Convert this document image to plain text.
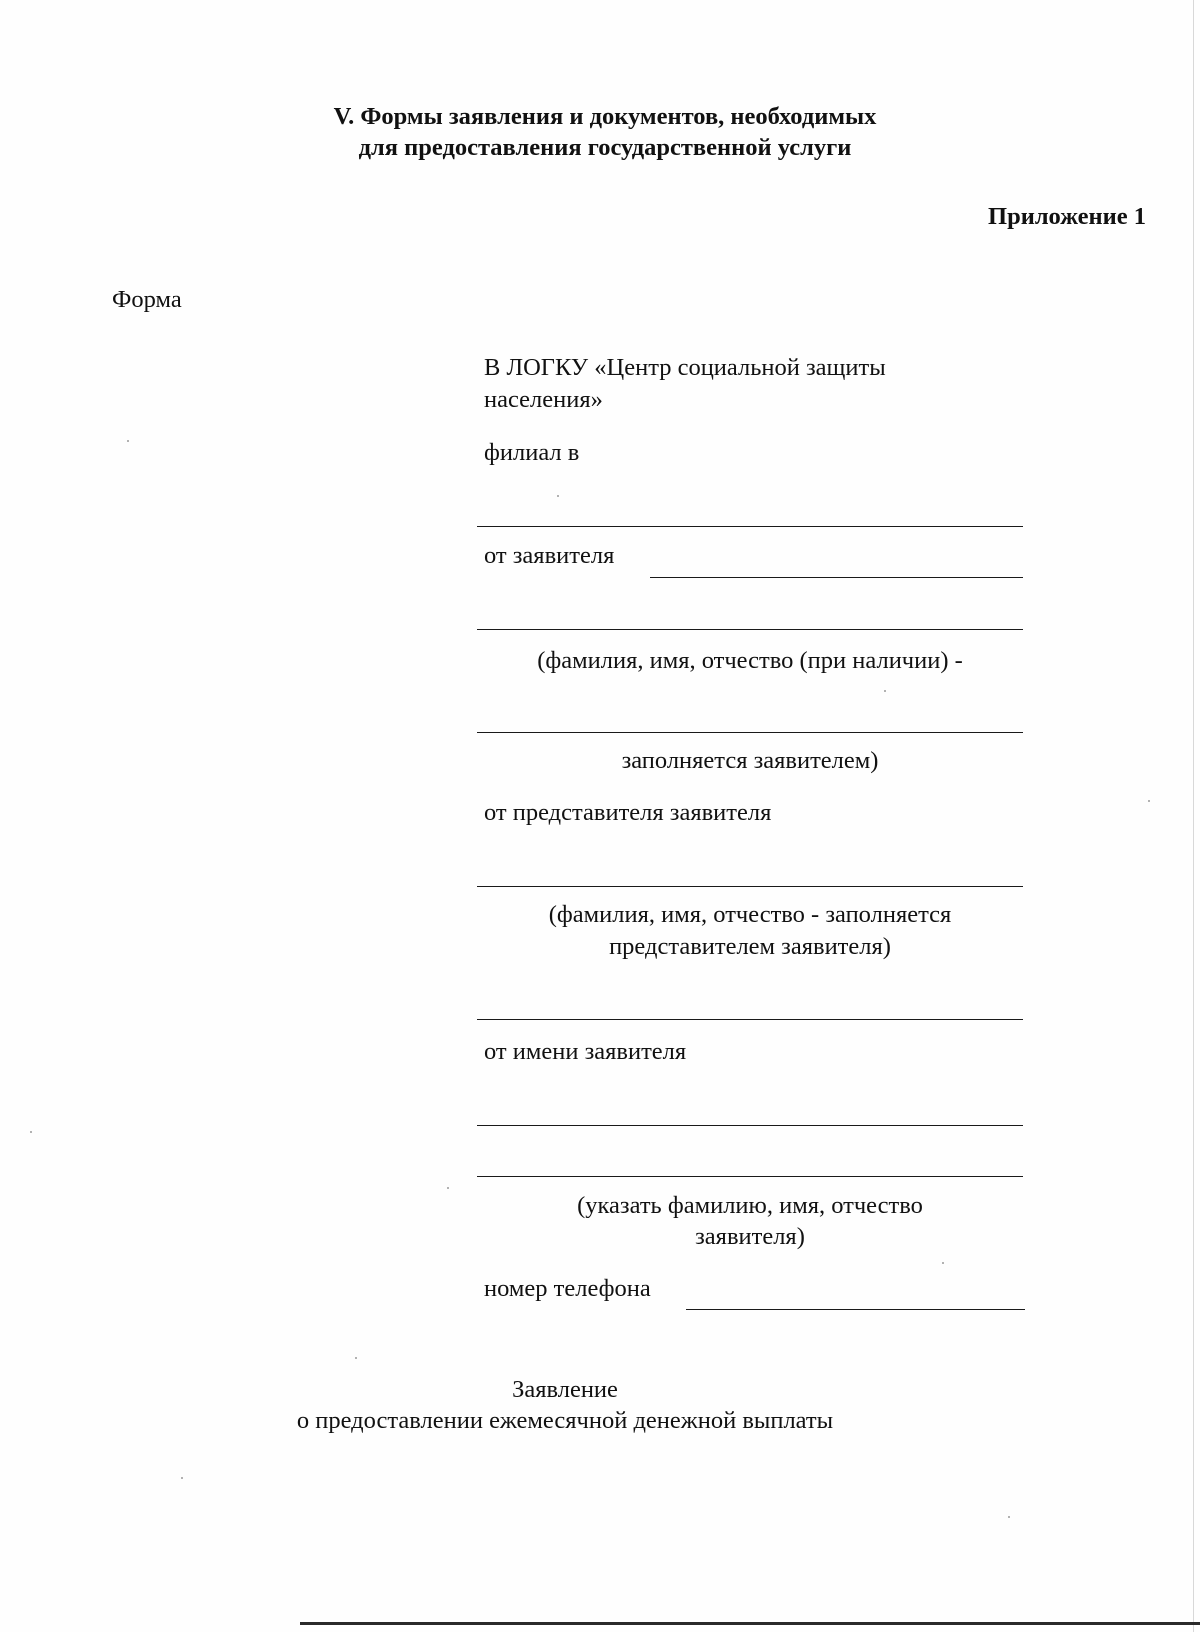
V. Формы заявления и документов, необходимых

для предоставления государственной услуги

Приложение 1

Форма

В ЛОГКУ «Центр социальной защиты

населения»

филиал в

от заявителя

(фамилия, имя, отчество (при наличии) -

заполняется заявителем)

от представителя заявителя

(фамилия, имя, отчество - заполняется

представителем заявителя)

от имени заявителя

(указать фамилию, имя, отчество

заявителя)

номер телефона

Заявление

о предоставлении ежемесячной денежной выплаты
